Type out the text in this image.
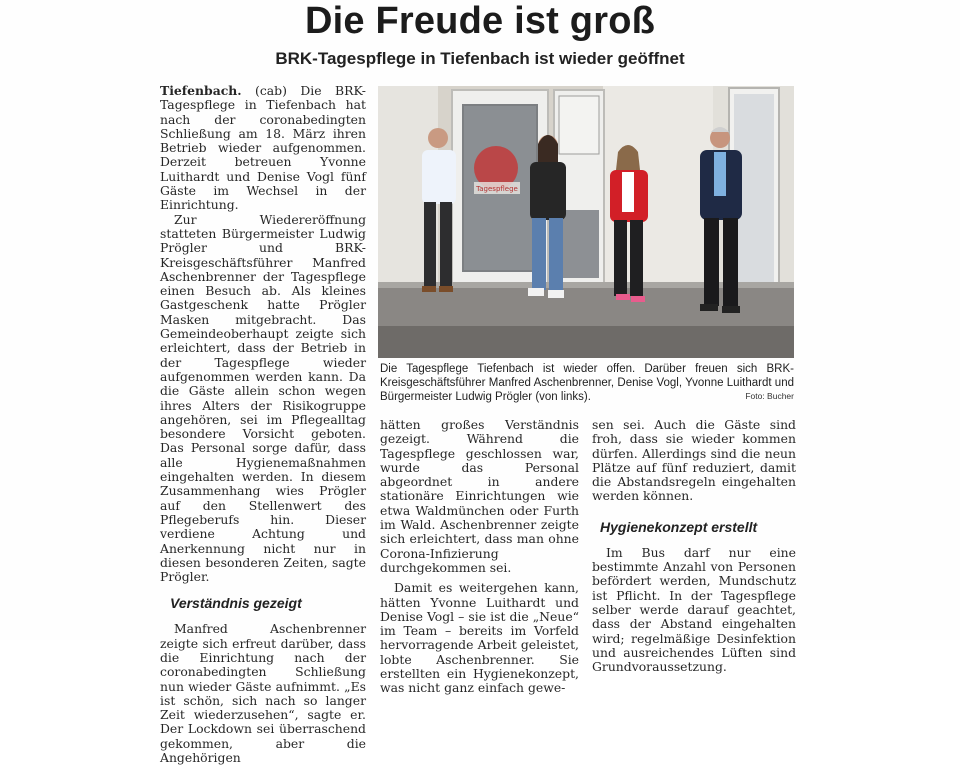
Die Freude ist groß
BRK-Tagespflege in Tiefenbach ist wieder geöffnet

Tiefenbach. (cab) Die BRK-Tagespflege in Tiefenbach hat nach der coronabedingten Schließung am 18. März ihren Betrieb wieder aufgenommen. Derzeit betreuen Yvonne Luithardt und Denise Vogl fünf Gäste im Wechsel in der Einrichtung.

Zur Wiedereröffnung statteten Bürgermeister Ludwig Prögler und BRK-Kreisgeschäftsführer Manfred Aschenbrenner der Tagespflege einen Besuch ab. Als kleines Gastgeschenk hatte Prögler Masken mitgebracht. Das Gemeindeoberhaupt zeigte sich erleichtert, dass der Betrieb in der Tagespflege wieder aufgenommen werden kann. Da die Gäste allein schon wegen ihres Alters der Risikogruppe angehören, sei im Pflegealltag besondere Vorsicht geboten. Das Personal sorge dafür, dass alle Hygienemaßnahmen eingehalten werden. In diesem Zusammenhang wies Prögler auf den Stellenwert des Pflegeberufs hin. Dieser verdiene Achtung und Anerkennung nicht nur in diesen besonderen Zeiten, sagte Prögler.

Verständnis gezeigt

Manfred Aschenbrenner zeigte sich erfreut darüber, dass die Einrichtung nach der coronabedingten Schließung nun wieder Gäste aufnimmt. „Es ist schön, sich nach so langer Zeit wiederzusehen“, sagte er. Der Lockdown sei überraschend gekommen, aber die Angehörigen

Tagespflege
Die Tagespflege Tiefenbach ist wieder offen. Darüber freuen sich BRK-Kreisgeschäftsführer Manfred Aschenbrenner, Denise Vogl, Yvonne Luithardt und Bürgermeister Ludwig Prögler (von links).	Foto: Bucher

hätten großes Verständnis gezeigt. Während die Tagespflege geschlossen war, wurde das Personal abgeordnet in andere stationäre Einrichtungen wie etwa Waldmünchen oder Furth im Wald. Aschenbrenner zeigte sich erleichtert, dass man ohne Corona-Infizierung durchgekommen sei.

Damit es weitergehen kann, hätten Yvonne Luithardt und Denise Vogl – sie ist die „Neue“ im Team – bereits im Vorfeld hervorragende Arbeit geleistet, lobte Aschenbrenner. Sie erstellten ein Hygienekonzept, was nicht ganz einfach gewe-

sen sei. Auch die Gäste sind froh, dass sie wieder kommen dürfen. Allerdings sind die neun Plätze auf fünf reduziert, damit die Abstandsregeln eingehalten werden können.

Hygienekonzept erstellt

Im Bus darf nur eine bestimmte Anzahl von Personen befördert werden, Mundschutz ist Pflicht. In der Tagespflege selber werde darauf geachtet, dass der Abstand eingehalten wird; regelmäßige Desinfektion und ausreichendes Lüften sind Grundvoraussetzung.
